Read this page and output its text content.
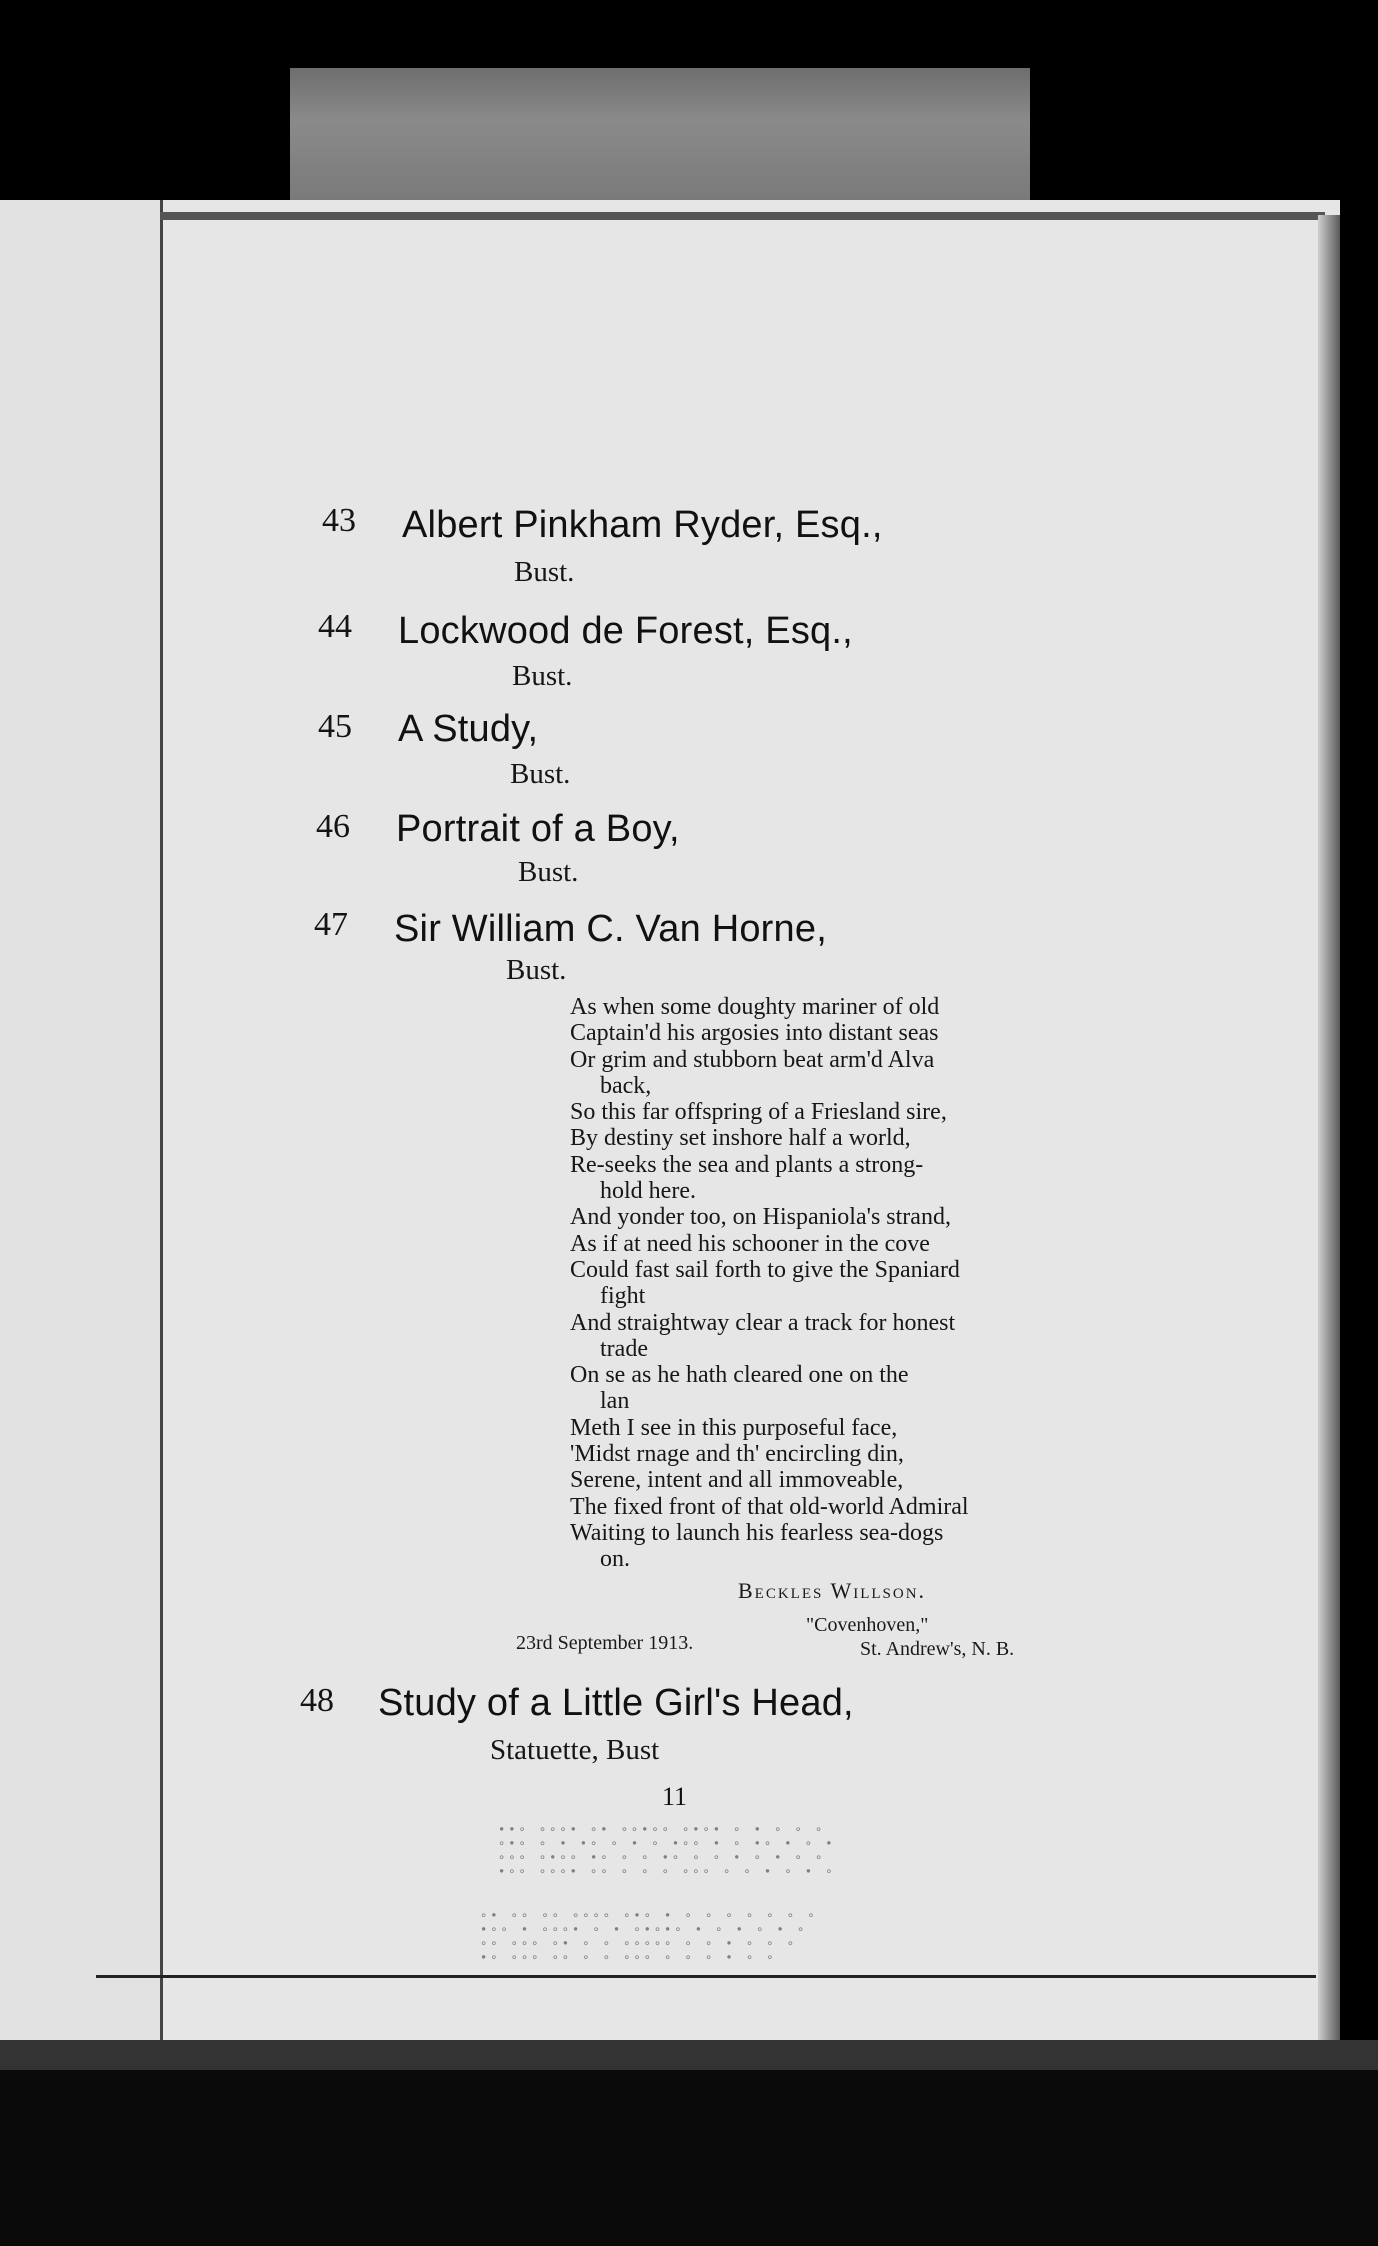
43 Albert Pinkham Ryder, Esq.,
Bust.
44 Lockwood de Forest, Esq.,
Bust.
45 A Study,
Bust.
46 Portrait of a Boy,
Bust.
47 Sir William C. Van Horne,
Bust.
As when some doughty mariner of old
Captain'd his argosies into distant seas
Or grim and stubborn beat arm'd Alva
back,
So this far offspring of a Friesland sire,
By destiny set inshore half a world,
Re-seeks the sea and plants a strong-
hold here.
And yonder too, on Hispaniola's strand,
As if at need his schooner in the cove
Could fast sail forth to give the Spaniard
fight
And straightway clear a track for honest
trade
On se as he hath cleared one on the
lan
Meth I see in this purposeful face,
'Midst rnage and th' encircling din,
Serene, intent and all immoveable,
The fixed front of that old-world Admiral
Waiting to launch his fearless sea-dogs
on.
Beckles Willson.
"Covenhoven,"
23rd September 1913.	St. Andrew's, N. B.
48 Study of a Little Girl's Head,
Statuette, Bust
11
∙∙∘ ∘∘∘∙ ∘∙ ∘∘∙∘∘ ∘∙∘∙ ∘ ∙ ∘ ∘ ∘
∘∙∘ ∘ ∙ ∙∘ ∘ ∙ ∘ ∙∘∘ ∙ ∘ ∙∘ ∙ ∘ ∙
∘∘∘ ∘∙∘∘ ∙∘ ∘ ∘ ∙∘ ∘ ∘ ∙ ∘ ∙ ∘ ∘
∙∘∘ ∘∘∘∙ ∘∘ ∘ ∘ ∘ ∘∘∘ ∘ ∘ ∙ ∘ ∙ ∘
∘∙ ∘∘ ∘∘ ∘∘∘∘ ∘∙∘ ∙ ∘ ∘ ∘ ∘ ∘ ∘ ∘
∙∘∘ ∙ ∘∘∘∙ ∘ ∙ ∘∙∘∙∘ ∙ ∘ ∙ ∘ ∙ ∘
∘∘ ∘∘∘ ∘∙ ∘ ∘ ∘∘∘∘∘ ∘ ∘ ∙ ∘ ∘ ∘
∙∘ ∘∘∘ ∘∘ ∘ ∘ ∘∘∘ ∘ ∘ ∘ ∙ ∘ ∘
